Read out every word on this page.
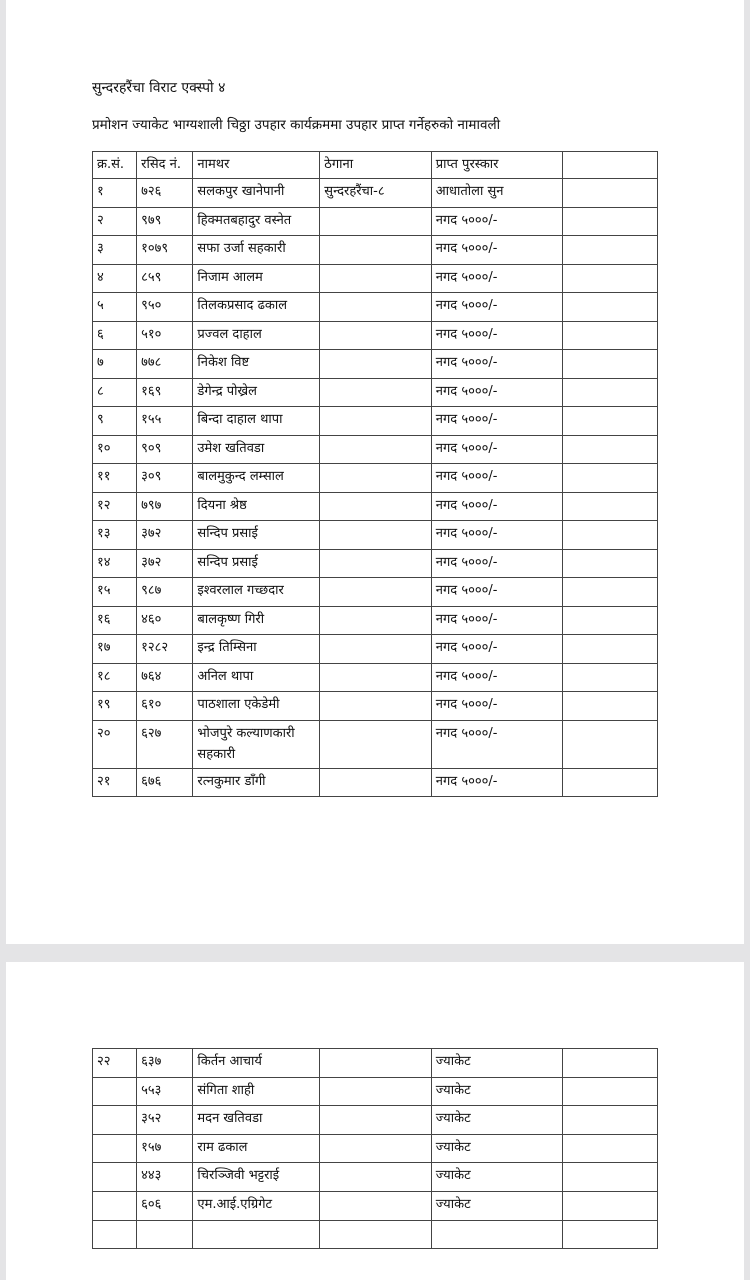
सुन्दरहरैंचा विराट एक्स्पो ४
प्रमोशन ज्याकेट भाग्यशाली चिठ्ठा उपहार कार्यक्रममा उपहार प्राप्त गर्नेहरुको नामावली
क्र.सं.	रसिद नं.	नामथर	ठेगाना	प्राप्त पुरस्कार	
१	७२६	सलकपुर खानेपानी	सुन्दरहरैंचा-८	आधातोला सुन	
२	९७९	हिक्मतबहादुर वस्नेत		नगद ५०००/-	
३	१०७९	सफा उर्जा सहकारी		नगद ५०००/-	
४	८५९	निजाम आलम		नगद ५०००/-	
५	९५०	तिलकप्रसाद ढकाल		नगद ५०००/-	
६	५१०	प्रज्वल दाहाल		नगद ५०००/-	
७	७७८	निकेश विष्ट		नगद ५०००/-	
८	१६९	डेगेन्द्र पोख्रेल		नगद ५०००/-	
९	१५५	बिन्दा दाहाल थापा		नगद ५०००/-	
१०	९०९	उमेश खतिवडा		नगद ५०००/-	
११	३०९	बालमुकुन्द लम्साल		नगद ५०००/-	
१२	७९७	दियना श्रेष्ठ		नगद ५०००/-	
१३	३७२	सन्दिप प्रसाई		नगद ५०००/-	
१४	३७२	सन्दिप प्रसाई		नगद ५०००/-	
१५	९८७	इश्वरलाल गच्छदार		नगद ५०००/-	
१६	४६०	बालकृष्ण गिरी		नगद ५०००/-	
१७	१२८२	इन्द्र तिम्सिना		नगद ५०००/-	
१८	७६४	अनिल थापा		नगद ५०००/-	
१९	६१०	पाठशाला एकेडेमी		नगद ५०००/-	
२०	६२७	भोजपुरे कल्याणकारी सहकारी		नगद ५०००/-	
२१	६७६	रत्नकुमार डाँगी		नगद ५०००/-	
२२	६३७	किर्तन आचार्य		ज्याकेट	
	५५३	संगिता शाही		ज्याकेट	
	३५२	मदन खतिवडा		ज्याकेट	
	१५७	राम ढकाल		ज्याकेट	
	४४३	चिरञ्जिवी भट्टराई		ज्याकेट	
	६०६	एम.आई.एग्रिगेट		ज्याकेट	
